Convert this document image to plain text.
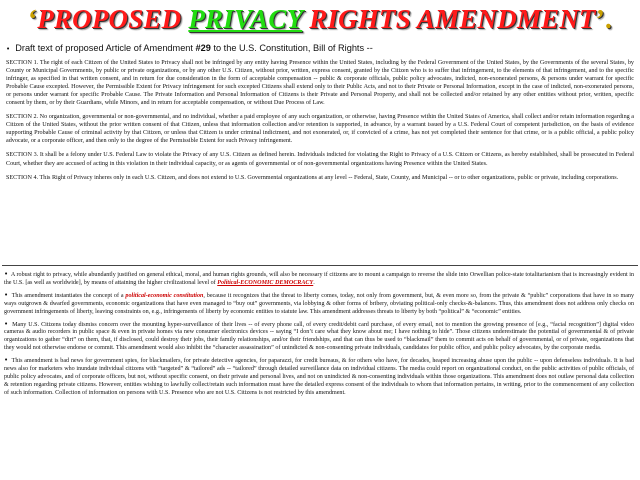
‘PROPOSED PRIVACY RIGHTS AMENDMENT’.
• Draft text of proposed Article of Amendment #29 to the U.S. Constitution, Bill of Rights --

SECTION 1. The right of each Citizen of the United States to Privacy shall not be infringed by any entity having Presence within the United States, including by the Federal Government of the United States, by the Governments of the several States, by County or Municipal Governments, by public or private organizations, or by any other U.S. Citizen, without prior, written, express consent, granted by the Citizen who is to suffer that infringement, to the elements of that infringement, and to the specific infringer, as specified in that written consent, and in return for due consideration in the form of acceptable compensation -- public & corporate officials, public policy advocates, indicted, non-exonerated persons, & persons under warrant for specific Probable Cause excepted. However, the Permissible Extent for Privacy infringement for such excepted Citizens shall extend only to their Public Acts, and not to their Private or Personal Information, except in the case of indicted, non-exonerated persons, or persons under warrant for specific Probable Cause. The Private Information and Personal Information of Citizens is their Private and Personal Property, and shall not be collected and/or retained by any other entities without prior, written, specific consent by them, or by their Guardians, while Minors, and in return for acceptable compensation, or without Due Process of Law.

SECTION 2. No organization, governmental or non-governmental, and no individual, whether a paid employee of any such organization, or otherwise, having Presence within the United States of America, shall collect and/or retain information regarding a Citizen of the United States, without the prior written consent of that Citizen, unless that information collection and/or retention is supported, in advance, by a warrant issued by a U.S. Federal Court of competent jurisdiction, on the basis of evidence supporting Probable Cause of criminal activity by that Citizen, or unless that Citizen is under criminal indictment, and not exonerated, or, if convicted of a crime, has not yet completed their sentence for that crime, or is a public official, a public policy advocate, or a corporate officer, and then only to the degree of the Permissible Extent for such Privacy infringement.

SECTION 3. It shall be a felony under U.S. Federal Law to violate the Privacy of any U.S. Citizen as defined herein. Individuals indicted for violating the Right to Privacy of a U.S. Citizen or Citizens, as hereby established, shall be prosecuted in Federal Court, whether they are accused of acting in this violation in their individual capacity, or as agents of governmental or of non-governmental organizations having Presence within the United States.

SECTION 4. This Right of Privacy inheres only in each U.S. Citizen, and does not extend to U.S. Governmental organizations at any level -- Federal, State, County, and Municipal -- or to other organizations, public or private, including corporations.

• A robust right to privacy, while abundantly justified on general ethical, moral, and human rights grounds, will also be necessary if citizens are to mount a campaign to reverse the slide into Orwellian police-state totalitarianism that is increasingly evident in the U.S. [as well as worldwide], by means of attaining the higher civilizational level of Political-ECONOMIC DEMOCRACY.

• This amendment instantiates the concept of a political-economic constitution, because it recognizes that the threat to liberty comes, today, not only from government, but, & even more so, from the private & “public” corporations that have in so many ways outgrown & dwarfed governments, economic organizations that have even managed to “buy out” governments, via lobbying & other forms of bribery, obviating political-only checks-&-balances. Thus, this amendment does not address only checks on government infringements of liberty, leaving constraints on, e.g., infringements of liberty by economic entities to statute law. This amendment addresses threats to liberty by both “political” & “economic” entities.

• Many U.S. Citizens today dismiss concern over the mounting hyper-surveillance of their lives -- of every phone call, of every credit/debit card purchase, of every email, not to mention the growing presence of [e.g., “facial recognition”] digital video cameras & audio recorders in public space & even in private homes via new consumer electronics devices -- saying “I don’t care what they know about me; I have nothing to hide”. Those citizens underestimate the potential of governmental & of private organizations to gather “dirt” on them, that, if disclosed, could destroy their jobs, their family relationships, and/or their friendships, and that can thus be used to “blackmail” them to commit acts on behalf of governmental, or of private, organizations that they would not otherwise endorse or commit. This amendment would also inhibit the “character assassination” of unindicted & non-consenting private individuals, candidates for public office, and public policy advocates, by the corporate media.

• This amendment is bad news for government spies, for blackmailers, for private detective agencies, for paparazzi, for credit bureaus, & for others who have, for decades, heaped increasing abuse upon the public -- upon defenseless individuals. It is bad news also for marketers who inundate individual citizens with “targeted” & “tailored” ads -- “tailored” through detailed surveillance data on individual citizens. The media could report on organizational conduct, on the public activities of public officials, of public policy advocates, and of corporate officers, but not, without specific consent, on their private and personal lives, and not on unindicted & non-consenting individuals within those organizations. This amendment does not outlaw personal data collection & retention regarding private citizens. However, entities wishing to lawfully collect/retain such information must have the detailed express consent of the individuals to whom that information pertains, in writing, prior to the commencement of any collection of such information. Collection of information on persons with U.S. Presence who are not U.S. Citizens is not restricted by this amendment.
